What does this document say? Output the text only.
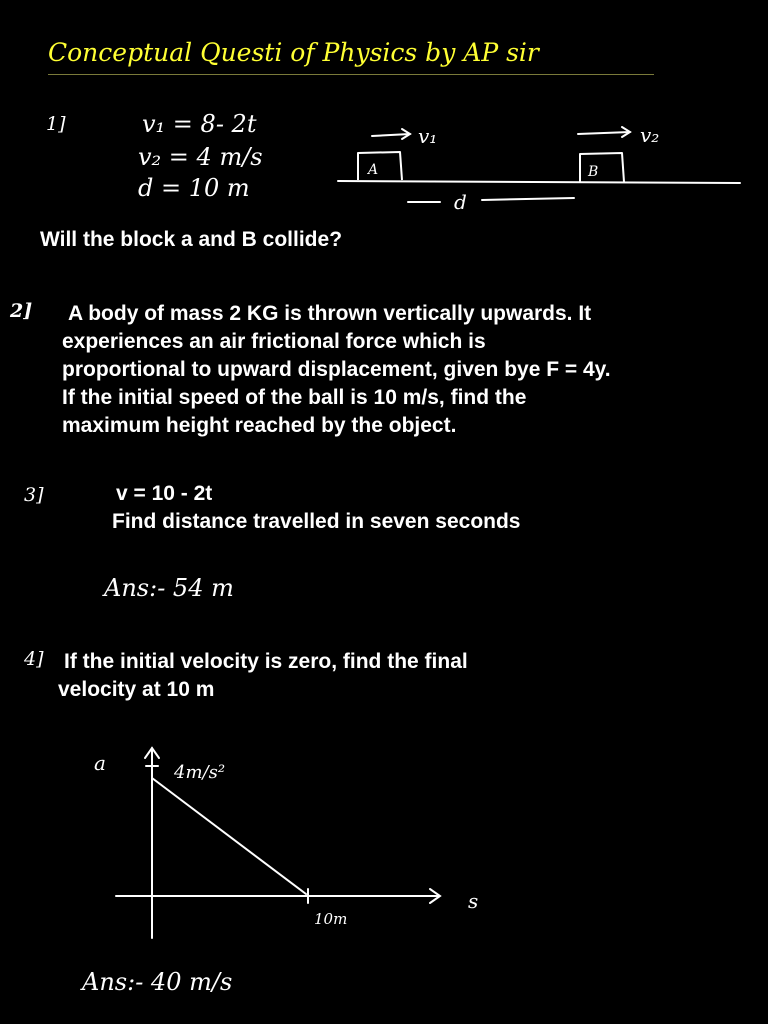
Conceptual Questi of Physics by AP sir
1]	v₁ = 8- 2t
v₂ = 4 m/s
d = 10 m
v₁	v₂
A	B
d
Will the block a and B collide?
2] A body of mass 2 KG is thrown vertically upwards. It
experiences an air frictional force which is
proportional to upward displacement, given bye F = 4y.
If the initial speed of the ball is 10 m/s, find the
maximum height reached by the object.
3]	v = 10 - 2t
Find distance travelled in seven seconds
Ans:- 54 m
4] If the initial velocity is zero, find the final
velocity at 10 m
a	4m/s²
s
10m
Ans:- 40 m/s
